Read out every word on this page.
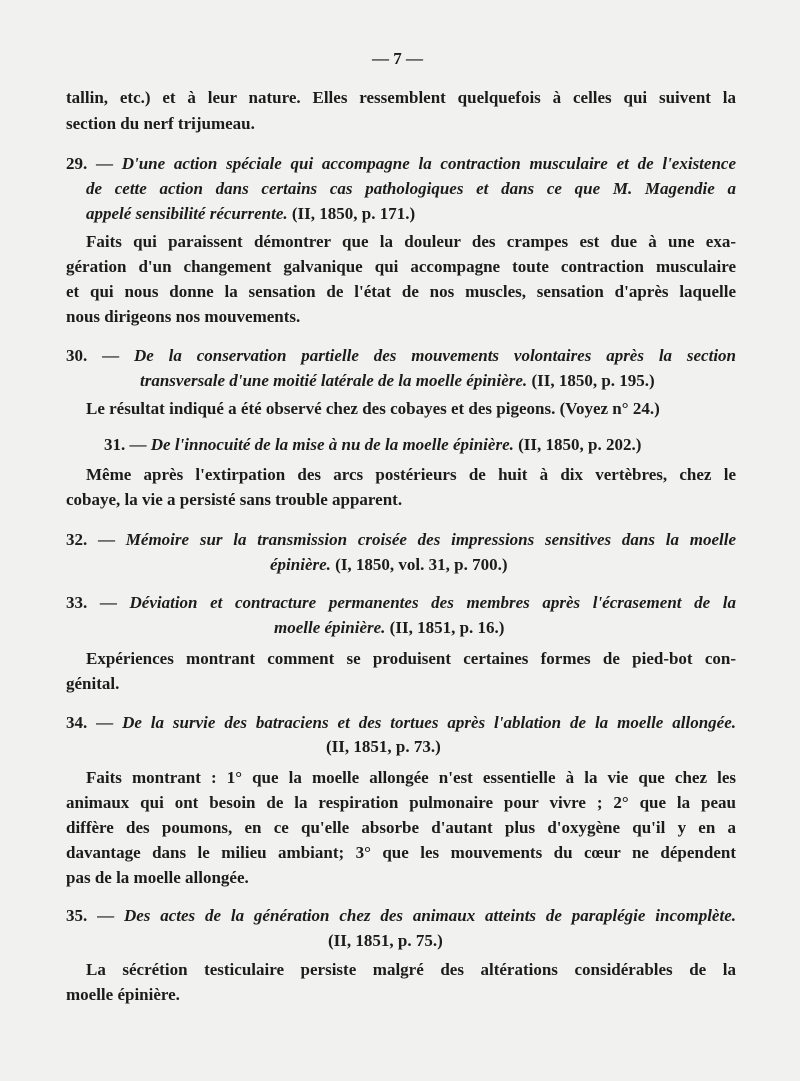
— 7 —
tallin, etc.) et à leur nature. Elles ressemblent quelquefois à celles qui suivent la
section du nerf trijumeau.
29. — D'une action spéciale qui accompagne la contraction musculaire et de l'existence
de cette action dans certains cas pathologiques et dans ce que M. Magendie a
appelé sensibilité récurrente. (II, 1850, p. 171.)
Faits qui paraissent démontrer que la douleur des crampes est due à une exa-
gération d'un changement galvanique qui accompagne toute contraction musculaire
et qui nous donne la sensation de l'état de nos muscles, sensation d'après laquelle
nous dirigeons nos mouvements.
30. — De la conservation partielle des mouvements volontaires après la section
transversale d'une moitié latérale de la moelle épinière. (II, 1850, p. 195.)
Le résultat indiqué a été observé chez des cobayes et des pigeons. (Voyez n° 24.)
31. — De l'innocuité de la mise à nu de la moelle épinière. (II, 1850, p. 202.)
Même après l'extirpation des arcs postérieurs de huit à dix vertèbres, chez le
cobaye, la vie a persisté sans trouble apparent.
32. — Mémoire sur la transmission croisée des impressions sensitives dans la moelle
épinière. (I, 1850, vol. 31, p. 700.)
33. — Déviation et contracture permanentes des membres après l'écrasement de la
moelle épinière. (II, 1851, p. 16.)
Expériences montrant comment se produisent certaines formes de pied-bot con-
génital.
34. — De la survie des batraciens et des tortues après l'ablation de la moelle allongée.
(II, 1851, p. 73.)
Faits montrant : 1° que la moelle allongée n'est essentielle à la vie que chez les
animaux qui ont besoin de la respiration pulmonaire pour vivre ; 2° que la peau
diffère des poumons, en ce qu'elle absorbe d'autant plus d'oxygène qu'il y en a
davantage dans le milieu ambiant; 3° que les mouvements du cœur ne dépendent
pas de la moelle allongée.
35. — Des actes de la génération chez des animaux atteints de paraplégie incomplète.
(II, 1851, p. 75.)
La sécrétion testiculaire persiste malgré des altérations considérables de la
moelle épinière.
